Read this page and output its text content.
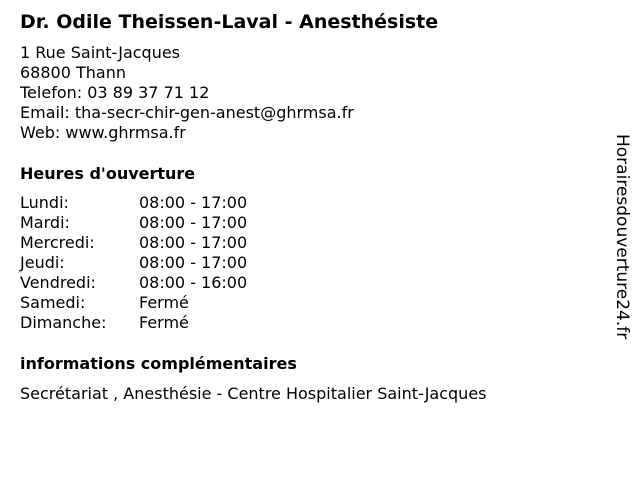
Dr. Odile Theissen-Laval - Anesthésiste
1 Rue Saint-Jacques
68800 Thann
Telefon: 03 89 37 71 12
Email: tha-secr-chir-gen-anest@ghrmsa.fr
Web: www.ghrmsa.fr
Heures d'ouverture
Lundi:	08:00 - 17:00
Mardi:	08:00 - 17:00
Mercredi:	08:00 - 17:00
Jeudi:	08:00 - 17:00
Vendredi:	08:00 - 16:00
Samedi:	Fermé
Dimanche:	Fermé
informations complémentaires
Secrétariat , Anesthésie - Centre Hospitalier Saint-Jacques
Horairesdouverture24.fr
